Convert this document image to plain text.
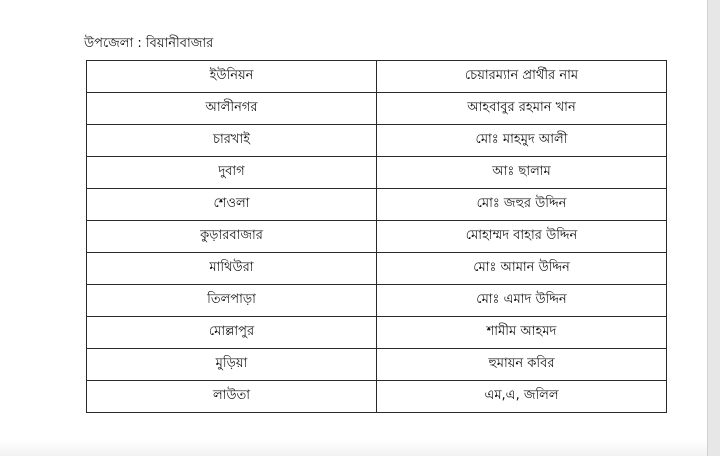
উপজেলা : বিয়ানীবাজার
ইউনিয়ন	চেয়ারম্যান প্রার্থীর নাম
আলীনগর	আহবাবুর রহমান খান
চারখাই	মোঃ মাহমুদ আলী
দুবাগ	আঃ ছালাম
শেওলা	মোঃ জহুর উদ্দিন
কুড়ারবাজার	মোহাম্মদ বাহার উদ্দিন
মাথিউরা	মোঃ আমান উদ্দিন
তিলপাড়া	মোঃ এমাদ উদ্দিন
মোল্লাপুর	শামীম আহমদ
মুড়িয়া	হুমায়ন কবির
লাউতা	এম,এ, জলিল
